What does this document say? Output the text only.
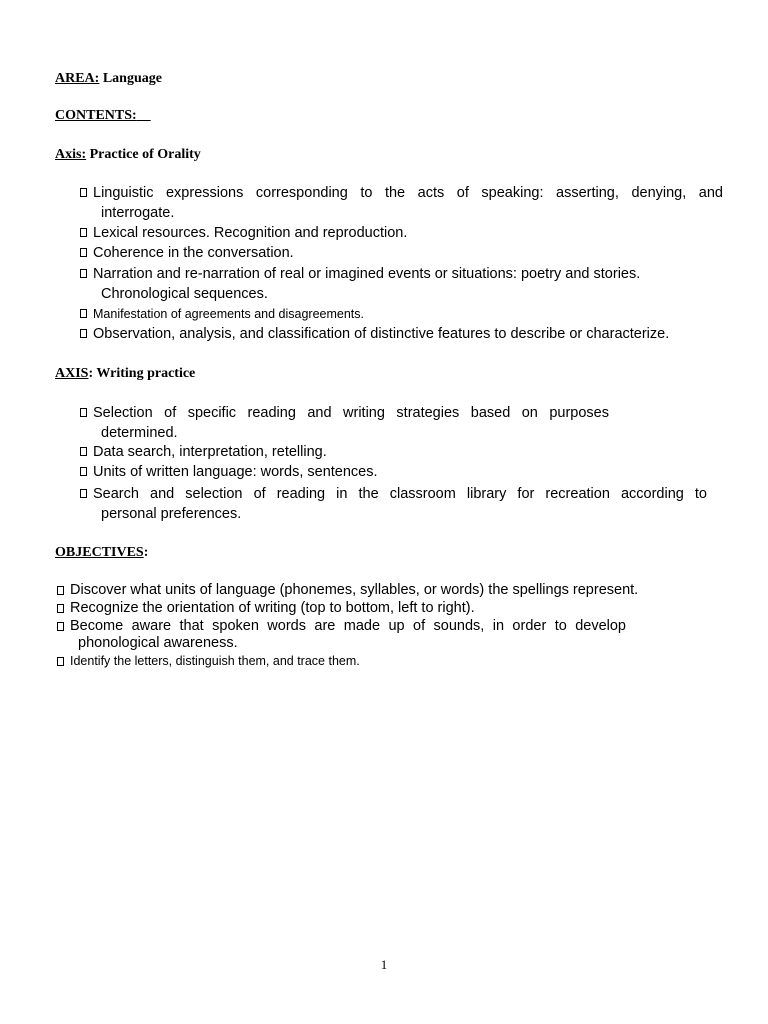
AREA: Language
CONTENTS:
Axis: Practice of Orality
Linguistic expressions corresponding to the acts of speaking: asserting, denying, and
interrogate.
Lexical resources. Recognition and reproduction.
Coherence in the conversation.
Narration and re-narration of real or imagined events or situations: poetry and stories.
Chronological sequences.
Manifestation of agreements and disagreements.
Observation, analysis, and classification of distinctive features to describe or characterize.
AXIS: Writing practice
Selection of specific reading and writing strategies based on purposes
determined.
Data search, interpretation, retelling.
Units of written language: words, sentences.
Search and selection of reading in the classroom library for recreation according to
personal preferences.
OBJECTIVES:
Discover what units of language (phonemes, syllables, or words) the spellings represent.
Recognize the orientation of writing (top to bottom, left to right).
Become aware that spoken words are made up of sounds, in order to develop
phonological awareness.
Identify the letters, distinguish them, and trace them.
1
